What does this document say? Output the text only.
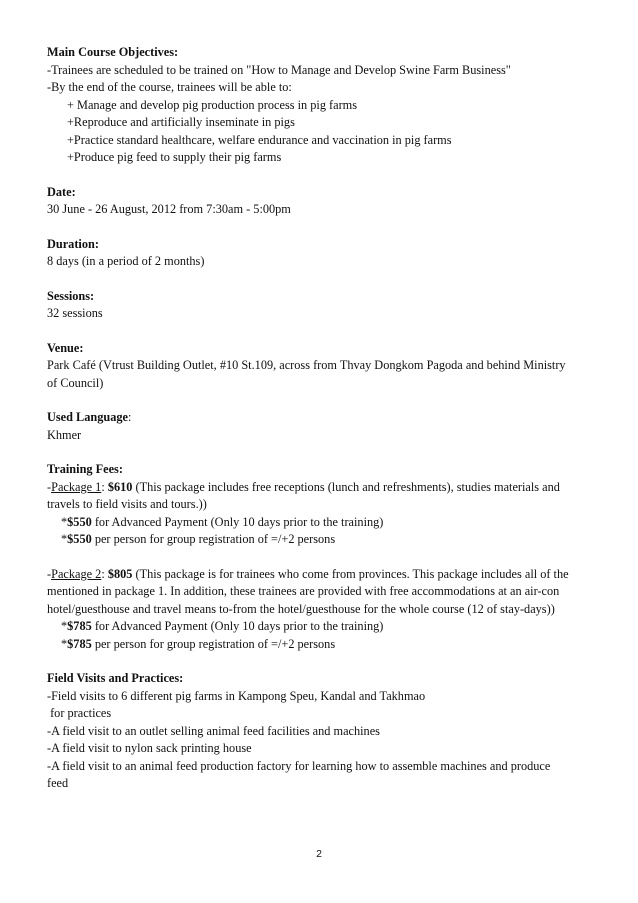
Main Course Objectives:
-Trainees are scheduled to be trained on "How to Manage and Develop Swine Farm Business"
-By the end of the course, trainees will be able to:
+ Manage and develop pig production process in pig farms
+Reproduce and artificially inseminate in pigs
+Practice standard healthcare, welfare endurance and vaccination in pig farms
+Produce pig feed to supply their pig farms
Date:
30 June - 26 August, 2012 from 7:30am - 5:00pm
Duration:
8 days (in a period of 2 months)
Sessions:
32 sessions
Venue:
Park Café (Vtrust Building Outlet, #10 St.109, across from Thvay Dongkom Pagoda and behind Ministry
of Council)
Used Language:
Khmer
Training Fees:
-Package 1: $610 (This package includes free receptions (lunch and refreshments), studies materials and
travels to field visits and tours.))
*$550 for Advanced Payment (Only 10 days prior to the training)
*$550 per person for group registration of =/+2 persons
-Package 2: $805 (This package is for trainees who come from provinces. This package includes all of the
mentioned in package 1. In addition, these trainees are provided with free accommodations at an air-con
hotel/guesthouse and travel means to-from the hotel/guesthouse for the whole course (12 of stay-days))
*$785 for Advanced Payment (Only 10 days prior to the training)
*$785 per person for group registration of =/+2 persons
Field Visits and Practices:
-Field visits to 6 different pig farms in Kampong Speu, Kandal and Takhmao
for practices
-A field visit to an outlet selling animal feed facilities and machines
-A field visit to nylon sack printing house
-A field visit to an animal feed production factory for learning how to assemble machines and produce
feed
2
